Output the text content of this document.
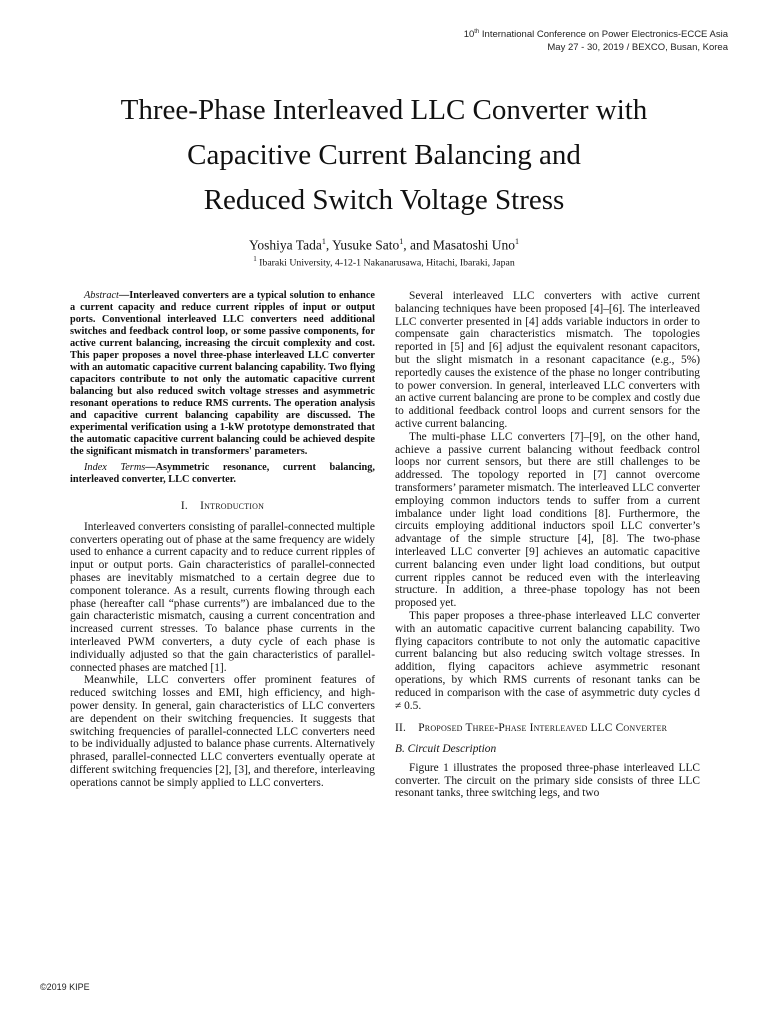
10th International Conference on Power Electronics-ECCE Asia
May 27 - 30, 2019 / BEXCO, Busan, Korea
Three-Phase Interleaved LLC Converter with
Capacitive Current Balancing and
Reduced Switch Voltage Stress
Yoshiya Tada$^1$, Yusuke Sato$^1$, and Masatoshi Uno$^1$
$^1$ Ibaraki University, 4-12-1 Nakanarusawa, Hitachi, Ibaraki, Japan

Abstract—Interleaved converters are a typical solution to enhance a current capacity and reduce current ripples of input or output ports. Conventional interleaved LLC converters need additional switches and feedback control loop, or some passive components, for active current balancing, increasing the circuit complexity and cost. This paper proposes a novel three-phase interleaved LLC converter with an automatic capacitive current balancing capability. Two flying capacitors contribute to not only the automatic capacitive current balancing but also reduced switch voltage stresses and asymmetric resonant operations to reduce RMS currents. The operation analysis and capacitive current balancing capability are discussed. The experimental verification using a 1-kW prototype demonstrated that the automatic capacitive current balancing could be achieved despite the significant mismatch in transformers' parameters.

Index Terms—Asymmetric resonance, current balancing, interleaved converter, LLC converter.

I. Introduction

Interleaved converters consisting of parallel-connected multiple converters operating out of phase at the same frequency are widely used to enhance a current capacity and to reduce current ripples of input or output ports. Gain characteristics of parallel-connected phases are inevitably mismatched to a certain degree due to component tolerance. As a result, currents flowing through each phase (hereafter call “phase currents”) are imbalanced due to the gain characteristic mismatch, causing a current concentration and increased current stresses. To balance phase currents in the interleaved PWM converters, a duty cycle of each phase is individually adjusted so that the gain characteristics of parallel-connected phases are matched [1].

Meanwhile, LLC converters offer prominent features of reduced switching losses and EMI, high efficiency, and high-power density. In general, gain characteristics of LLC converters are dependent on their switching frequencies. It suggests that switching frequencies of parallel-connected LLC converters need to be individually adjusted to balance phase currents. Alternatively phrased, parallel-connected LLC converters eventually operate at different switching frequencies [2], [3], and therefore, interleaving operations cannot be simply applied to LLC converters.

Several interleaved LLC converters with active current balancing techniques have been proposed [4]–[6]. The interleaved LLC converter presented in [4] adds variable inductors in order to compensate gain characteristics mismatch. The topologies reported in [5] and [6] adjust the equivalent resonant capacitors, but the slight mismatch in a resonant capacitance (e.g., 5%) reportedly causes the existence of the phase no longer contributing to power conversion. In general, interleaved LLC converters with an active current balancing are prone to be complex and costly due to additional feedback control loops and current sensors for the active current balancing.

The multi-phase LLC converters [7]–[9], on the other hand, achieve a passive current balancing without feedback control loops nor current sensors, but there are still challenges to be addressed. The topology reported in [7] cannot overcome transformers’ parameter mismatch. The interleaved LLC converter employing common inductors tends to suffer from a current imbalance under light load conditions [8]. Furthermore, the circuits employing additional inductors spoil LLC converter’s advantage of the simple structure [4], [8]. The two-phase interleaved LLC converter [9] achieves an automatic capacitive current balancing even under light load conditions, but output current ripples cannot be reduced even with the interleaving structure. In addition, a three-phase topology has not been proposed yet.

This paper proposes a three-phase interleaved LLC converter with an automatic capacitive current balancing capability. Two flying capacitors contribute to not only the automatic capacitive current balancing but also reducing switch voltage stresses. In addition, flying capacitors achieve asymmetric resonant operations, by which RMS currents of resonant tanks can be reduced in comparison with the case of asymmetric duty cycles d ≠ 0.5.

II. Proposed Three-Phase Interleaved LLC Converter
B. Circuit Description

Figure 1 illustrates the proposed three-phase interleaved LLC converter. The circuit on the primary side consists of three LLC resonant tanks, three switching legs, and two

©2019 KIPE
